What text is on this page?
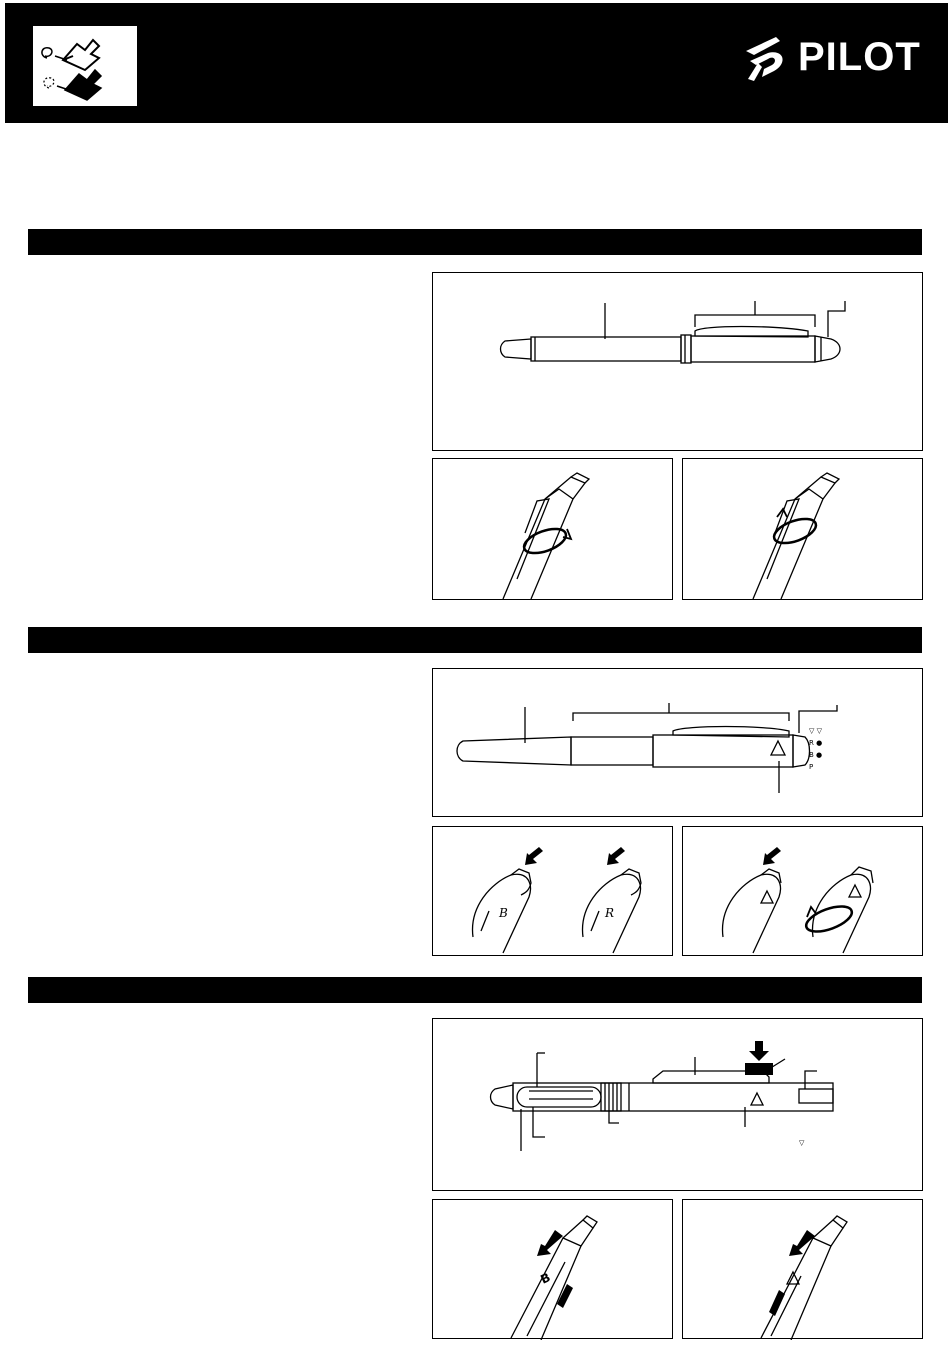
PILOT
▽ ▽
R ●
B ●
P
B	R
▽
B
